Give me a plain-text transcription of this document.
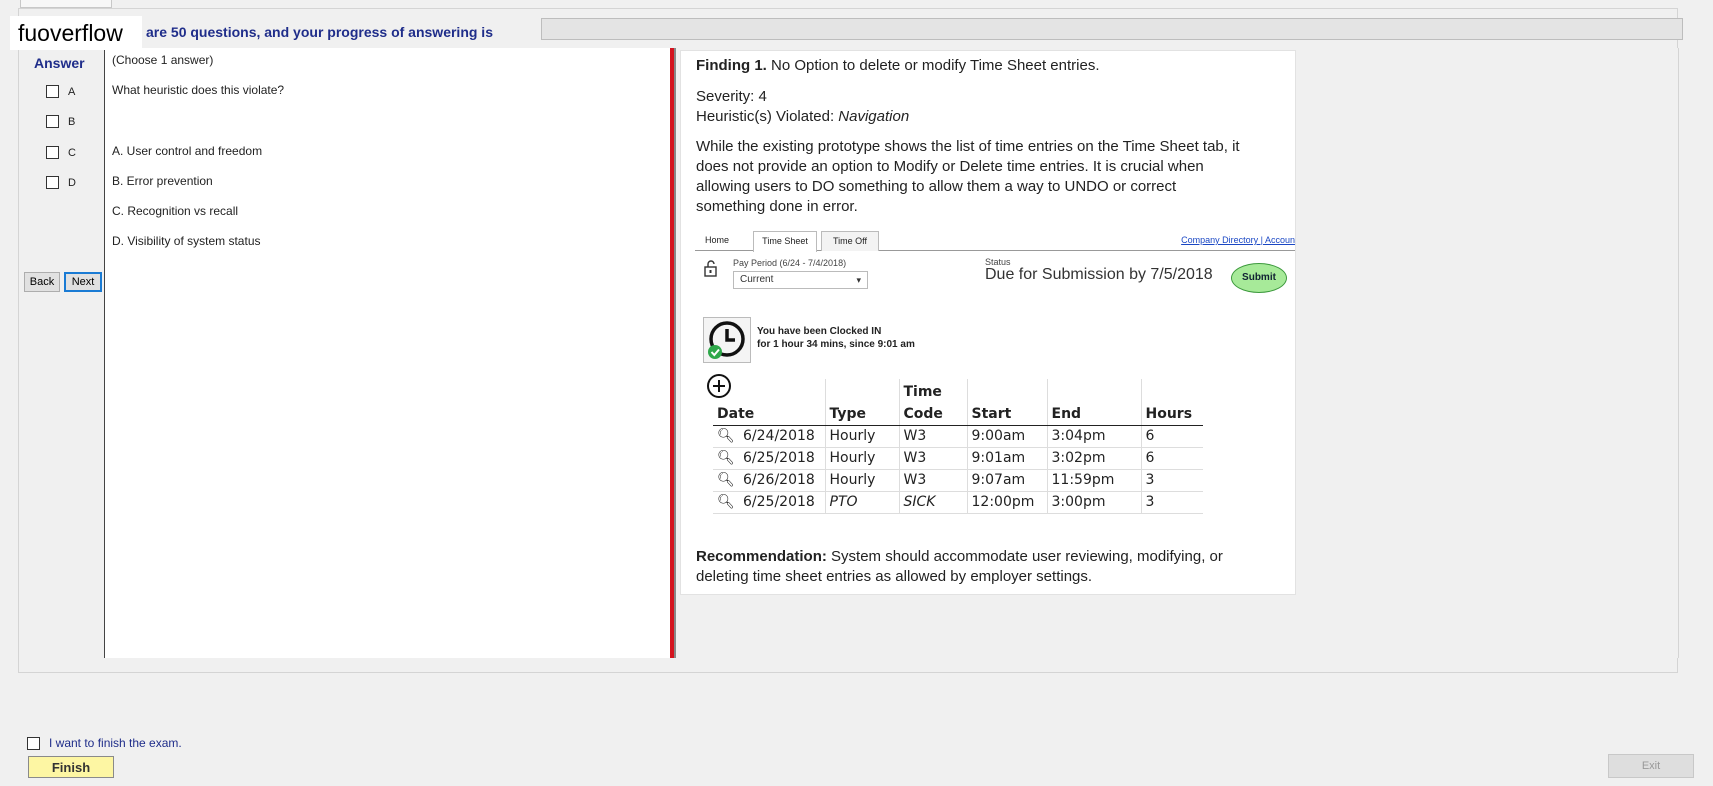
fuoverflow	are 50 questions, and your progress of answering is
Answer
A
B
C
D
Back	Next
(Choose 1 answer)
What heuristic does this violate?
A. User control and freedom
B. Error prevention
C. Recognition vs recall
D. Visibility of system status
Finding 1. No Option to delete or modify Time Sheet entries.
Severity: 4
Heuristic(s) Violated: Navigation
While the existing prototype shows the list of time entries on the Time Sheet tab, it
does not provide an option to Modify or Delete time entries. It is crucial when
allowing users to DO something to allow them a way to UNDO or correct
something done in error.
Home	Time Sheet	Time Off	Company Directory | Accoun
Pay Period (6/24 - 7/4/2018)
Current	▾
Status
Due for Submission by 7/5/2018	Submit
You have been Clocked IN
for 1 hour 34 mins, since 9:01 am
Date	Type	Time Code	Start	End	Hours
🔍︎ 6/24/2018	Hourly	W3	9:00am	3:04pm	6
🔍︎ 6/25/2018	Hourly	W3	9:01am	3:02pm	6
🔍︎ 6/26/2018	Hourly	W3	9:07am	11:59pm	3
🔍︎ 6/25/2018	PTO	SICK	12:00pm	3:00pm	3
Recommendation: System should accommodate user reviewing, modifying, or
deleting time sheet entries as allowed by employer settings.
I want to finish the exam.
Finish	Exit
